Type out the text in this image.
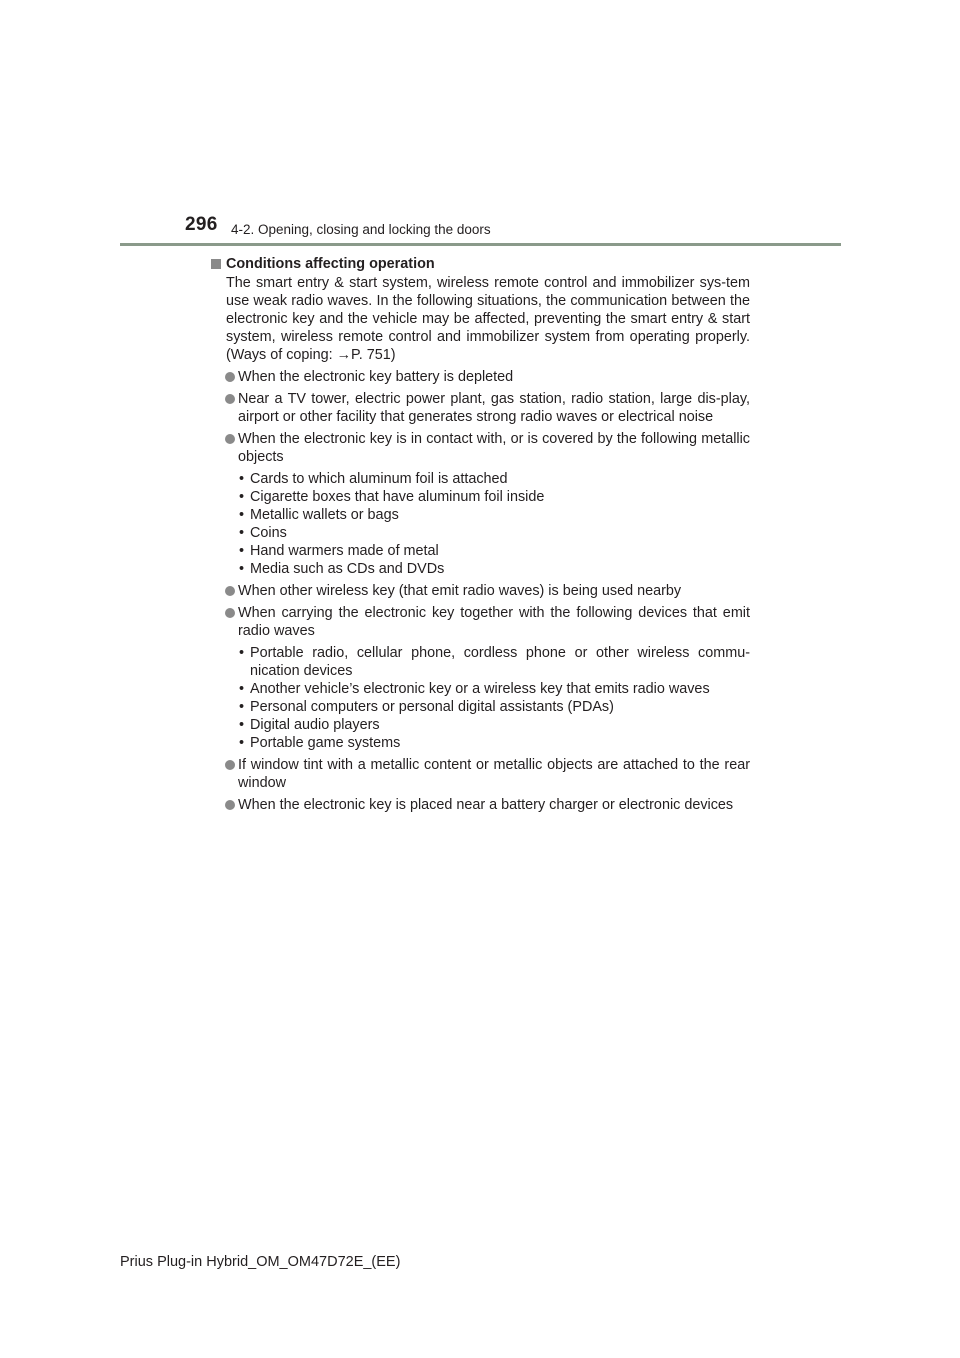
296 4-2. Opening, closing and locking the doors
Conditions affecting operation
The smart entry & start system, wireless remote control and immobilizer sys-tem use weak radio waves. In the following situations, the communication between the electronic key and the vehicle may be affected, preventing the smart entry & start system, wireless remote control and immobilizer system from operating properly. (Ways of coping: →P. 751)
When the electronic key battery is depleted
Near a TV tower, electric power plant, gas station, radio station, large dis-play, airport or other facility that generates strong radio waves or electrical noise
When the electronic key is in contact with, or is covered by the following metallic objects
• Cards to which aluminum foil is attached
• Cigarette boxes that have aluminum foil inside
• Metallic wallets or bags
• Coins
• Hand warmers made of metal
• Media such as CDs and DVDs
When other wireless key (that emit radio waves) is being used nearby
When carrying the electronic key together with the following devices that emit radio waves
• Portable radio, cellular phone, cordless phone or other wireless commu-nication devices
• Another vehicle’s electronic key or a wireless key that emits radio waves
• Personal computers or personal digital assistants (PDAs)
• Digital audio players
• Portable game systems
If window tint with a metallic content or metallic objects are attached to the rear window
When the electronic key is placed near a battery charger or electronic devices
Prius Plug-in Hybrid_OM_OM47D72E_(EE)
